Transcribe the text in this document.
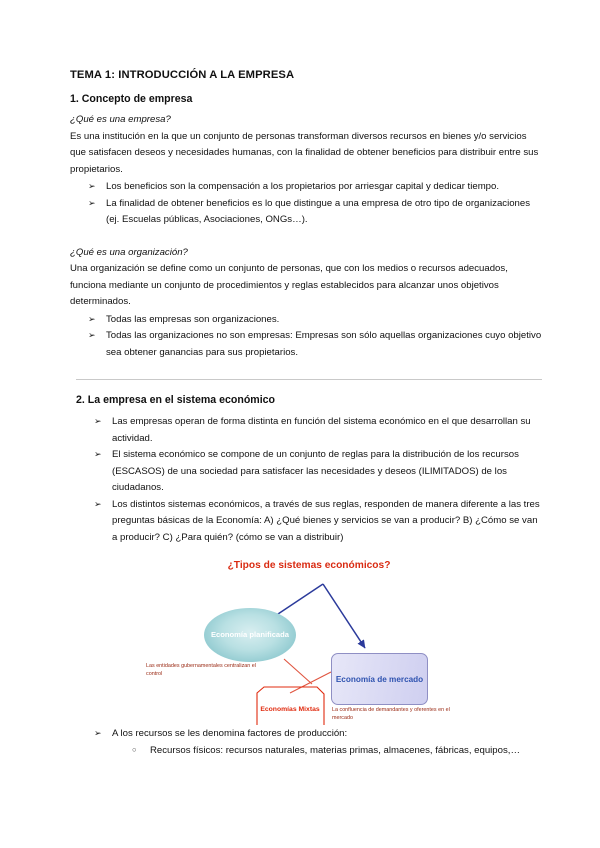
TEMA 1: INTRODUCCIÓN A LA EMPRESA
1. Concepto de empresa

¿Qué es una empresa?

Es una institución en la que un conjunto de personas transforman diversos recursos en bienes y/o servicios que satisfacen deseos y necesidades humanas, con la finalidad de obtener beneficios para distribuir entre sus propietarios.

➢ Los beneficios son la compensación a los propietarios por arriesgar capital y dedicar tiempo.
➢ La finalidad de obtener beneficios es lo que distingue a una empresa de otro tipo de organizaciones (ej. Escuelas públicas, Asociaciones, ONGs…).

¿Qué es una organización?

Una organización se define como un conjunto de personas, que con los medios o recursos adecuados, funciona mediante un conjunto de procedimientos y reglas establecidos para alcanzar unos objetivos determinados.

➢ Todas las empresas son organizaciones.
➢ Todas las organizaciones no son empresas: Empresas son sólo aquellas organizaciones cuyo objetivo sea obtener ganancias para sus propietarios.
2. La empresa en el sistema económico
➢ Las empresas operan de forma distinta en función del sistema económico en el que desarrollan su actividad.
➢ El sistema económico se compone de un conjunto de reglas para la distribución de los recursos (ESCASOS) de una sociedad para satisfacer las necesidades y deseos (ILIMITADOS) de los ciudadanos.
➢ Los distintos sistemas económicos, a través de sus reglas, responden de manera diferente a las tres preguntas básicas de la Economía: A) ¿Qué bienes y servicios se van a producir? B) ¿Cómo se van a producir? C) ¿Para quién? (cómo se van a distribuir)
¿Tipos de sistemas económicos?
Economía planificada
Economía de mercado
Economías Mixtas
Las entidades gubernamentales centralizan el control
La confluencia de demandantes y oferentes en el mercado
➢ A los recursos se les denomina factores de producción:
○ Recursos físicos: recursos naturales, materias primas, almacenes, fábricas, equipos,…
